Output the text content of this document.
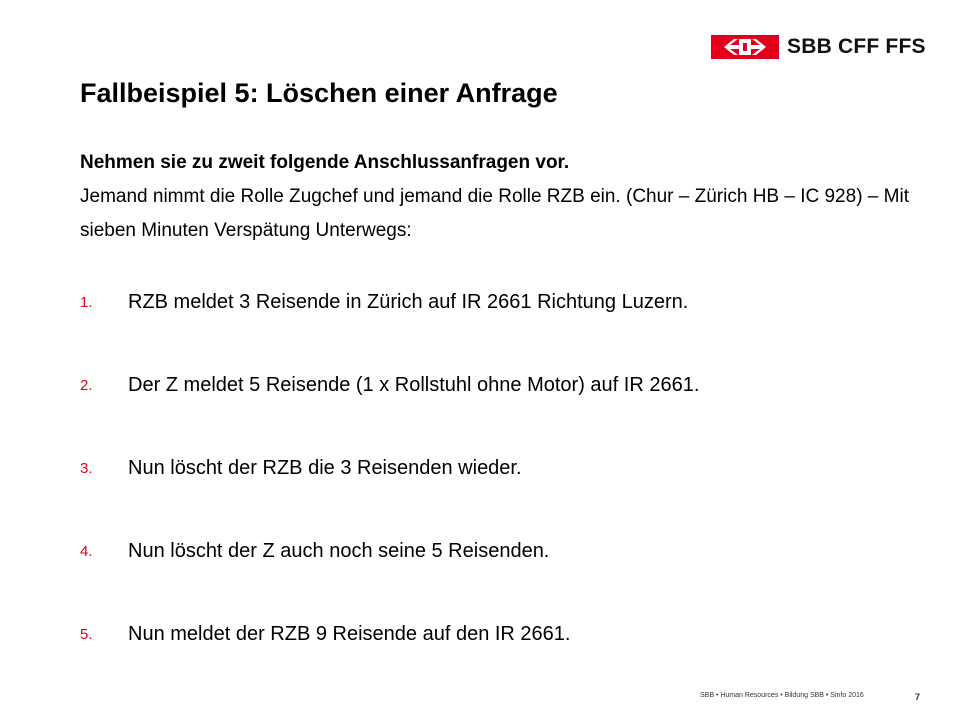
SBB CFF FFS
Fallbeispiel 5: Löschen einer Anfrage
Nehmen sie zu zweit folgende Anschlussanfragen vor.
Jemand nimmt die Rolle Zugchef und jemand die Rolle RZB ein. (Chur – Zürich HB – IC 928) – Mit sieben Minuten Verspätung Unterwegs:
1.	RZB meldet 3 Reisende in Zürich auf IR 2661 Richtung Luzern.
2.	Der Z meldet 5 Reisende (1 x Rollstuhl ohne Motor) auf IR 2661.
3.	Nun löscht der RZB die 3 Reisenden wieder.
4.	Nun löscht der Z auch noch seine 5 Reisenden.
5.	Nun meldet der RZB 9 Reisende auf den IR 2661.
SBB • Human Resources • Bildung SBB • Sinfo 2016	7
